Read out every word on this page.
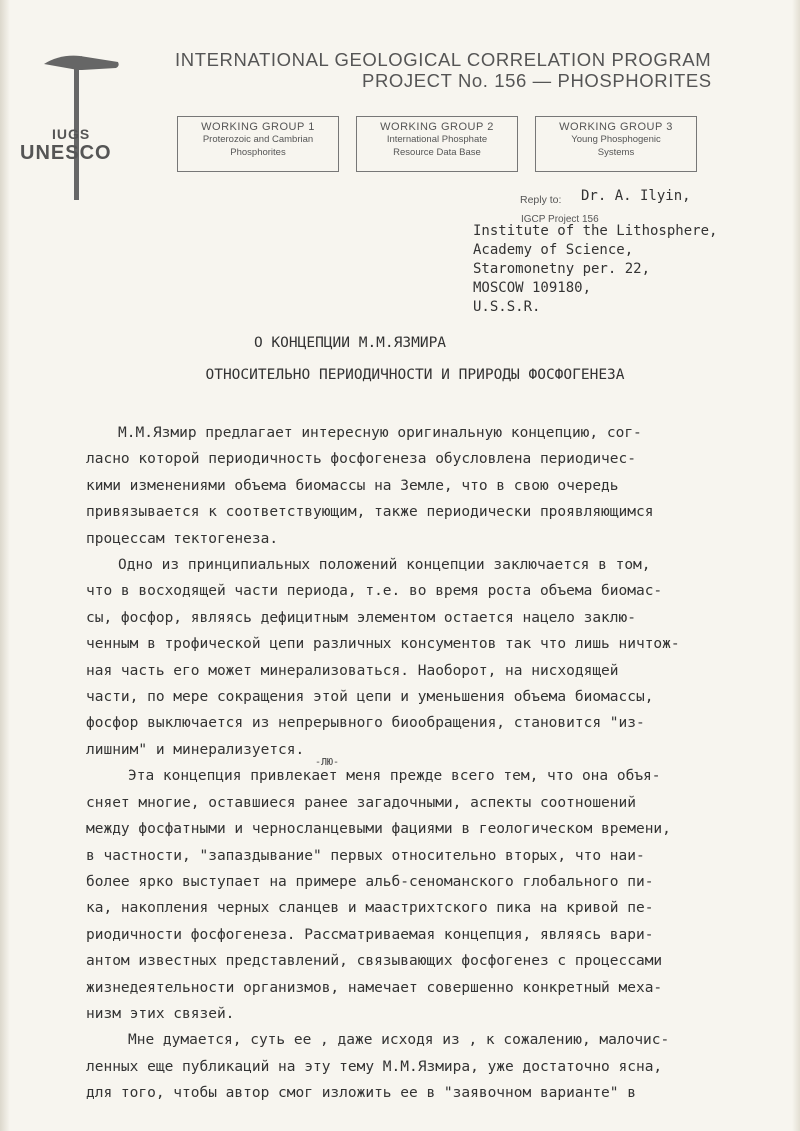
IUGS
UNESCO
INTERNATIONAL GEOLOGICAL CORRELATION PROGRAM
PROJECT No. 156 — PHOSPHORITES
WORKING GROUP 1
Proterozoic and Cambrian
Phosphorites
WORKING GROUP 2
International Phosphate
Resource Data Base
WORKING GROUP 3
Young Phosphogenic
Systems
Reply to: Dr. A. Ilyin,
IGCP Project 156
Institute of the Lithosphere,
Academy of Science,
Staromonetny per. 22,
MOSCOW 109180,
U.S.S.R.
О КОНЦЕПЦИИ М.М.ЯЗМИРА
ОТНОСИТЕЛЬНО ПЕРИОДИЧНОСТИ И ПРИРОДЫ ФОСФОГЕНЕЗА
-ЛЮ-
М.М.Язмир предлагает интересную оригинальную концепцию, сог-
ласно которой периодичность фосфогенеза обусловлена периодичес-
кими изменениями объема биомассы на Земле, что в свою очередь
привязывается к соответствующим, также периодически проявляющимся
процессам тектогенеза.
Одно из принципиальных положений концепции заключается в том,
что в восходящей части периода, т.е. во время роста объема биомас-
сы, фосфор, являясь дефицитным элементом остается нацело заклю-
ченным в трофической цепи различных консументов так что лишь ничтож-
ная часть его может минерализоваться. Наоборот, на нисходящей
части, по мере сокращения этой цепи и уменьшения объема биомассы,
фосфор выключается из непрерывного биообращения, становится "из-
лишним" и минерализуется.
Эта концепция привлекает меня прежде всего тем, что она объя-
сняет многие, оставшиеся ранее загадочными, аспекты соотношений
между фосфатными и черносланцевыми фациями в геологическом времени,
в частности, "запаздывание" первых относительно вторых, что наи-
более ярко выступает на примере альб-сеноманского глобального пи-
ка, накопления черных сланцев и маастрихтского пика на кривой пе-
риодичности фосфогенеза. Рассматриваемая концепция, являясь вари-
антом известных представлений, связывающих фосфогенез с процессами
жизнедеятельности организмов, намечает совершенно конкретный меха-
низм этих связей.
Мне думается, суть ее , даже исходя из , к сожалению, малочис-
ленных еще публикаций на эту тему М.М.Язмира, уже достаточно ясна,
для того, чтобы автор смог изложить ее в "заявочном варианте" в
